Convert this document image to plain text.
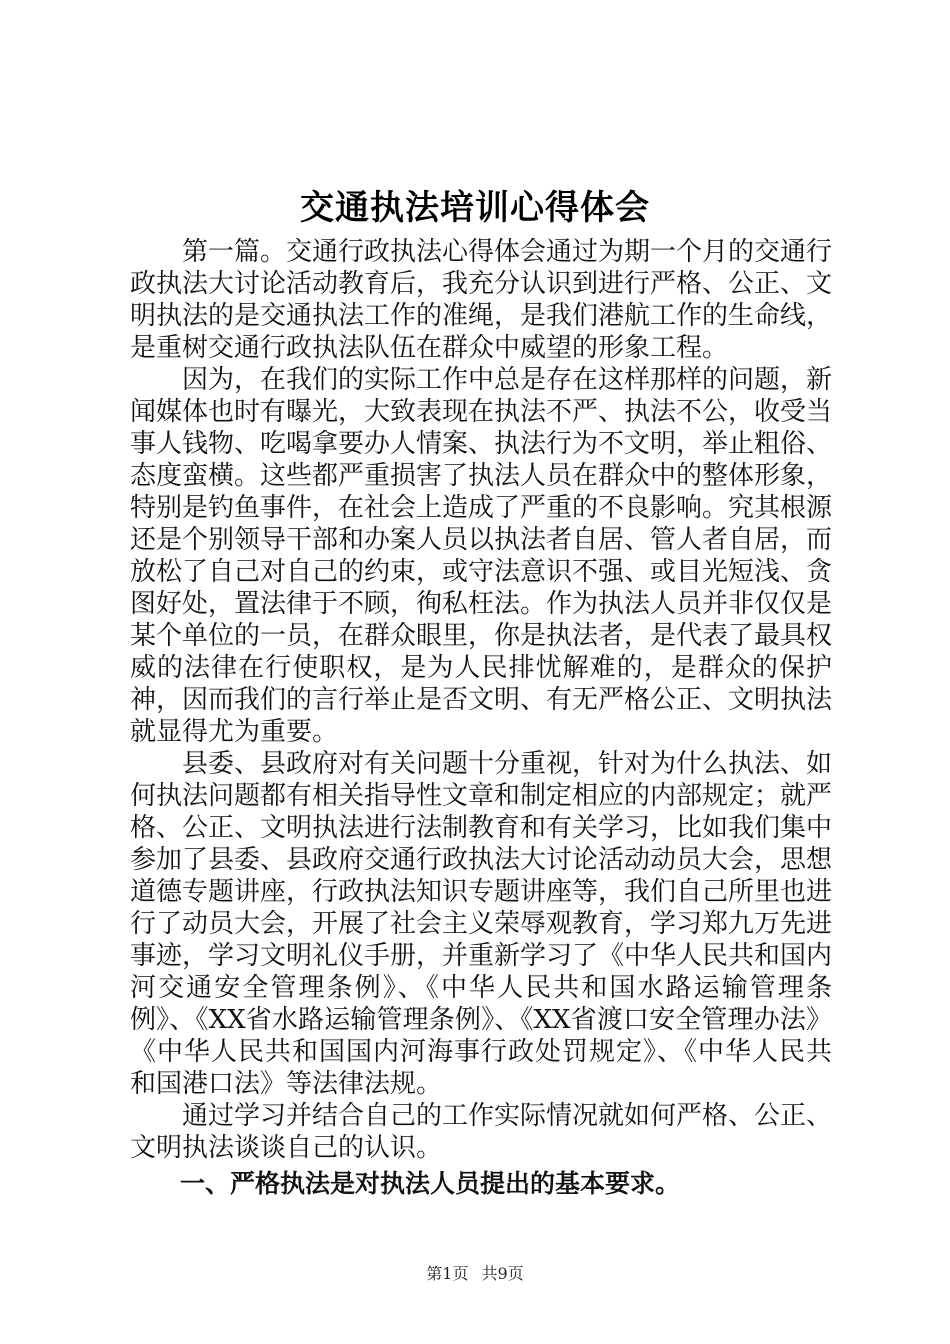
交通执法培训心得体会

第一篇。交通行政执法心得体会通过为期一个月的交通行政执法大讨论活动教育后，我充分认识到进行严格、公正、文明执法的是交通执法工作的准绳，是我们港航工作的生命线，是重树交通行政执法队伍在群众中威望的形象工程。

因为，在我们的实际工作中总是存在这样那样的问题，新闻媒体也时有曝光，大致表现在执法不严、执法不公，收受当事人钱物、吃喝拿要办人情案、执法行为不文明，举止粗俗、态度蛮横。这些都严重损害了执法人员在群众中的整体形象，特别是钓鱼事件，在社会上造成了严重的不良影响。究其根源还是个别领导干部和办案人员以执法者自居、管人者自居，而放松了自己对自己的约束，或守法意识不强、或目光短浅、贪图好处，置法律于不顾，徇私枉法。作为执法人员并非仅仅是某个单位的一员，在群众眼里，你是执法者，是代表了最具权威的法律在行使职权，是为人民排忧解难的，是群众的保护神，因而我们的言行举止是否文明、有无严格公正、文明执法就显得尤为重要。

县委、县政府对有关问题十分重视，针对为什么执法、如何执法问题都有相关指导性文章和制定相应的内部规定；就严格、公正、文明执法进行法制教育和有关学习，比如我们集中参加了县委、县政府交通行政执法大讨论活动动员大会，思想道德专题讲座，行政执法知识专题讲座等，我们自己所里也进行了动员大会，开展了社会主义荣辱观教育，学习郑九万先进事迹，学习文明礼仪手册，并重新学习了《中华人民共和国内河交通安全管理条例》、《中华人民共和国水路运输管理条例》、《XX省水路运输管理条例》、《XX省渡口安全管理办法》《中华人民共和国国内河海事行政处罚规定》、《中华人民共和国港口法》等法律法规。

通过学习并结合自己的工作实际情况就如何严格、公正、文明执法谈谈自己的认识。

一、严格执法是对执法人员提出的基本要求。

第1页 共9页
